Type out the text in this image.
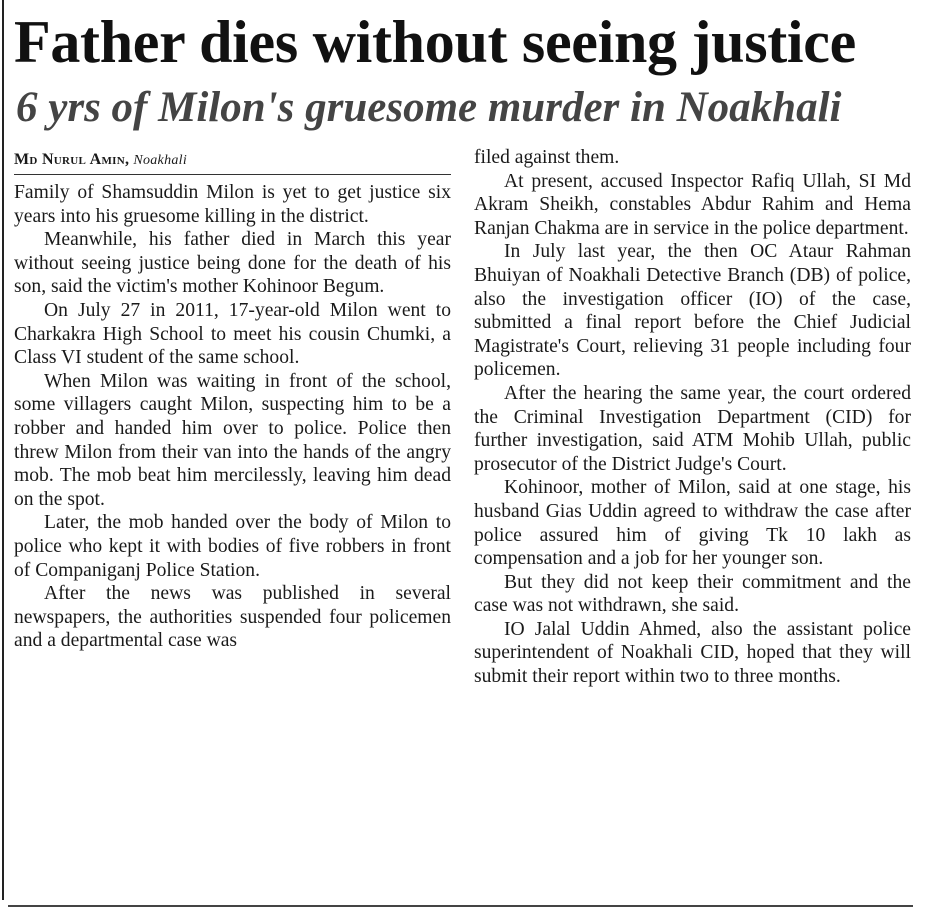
Father dies without seeing justice
6 yrs of Milon's gruesome murder in Noakhali
Md Nurul Amin, Noakhali

Family of Shamsuddin Milon is yet to get justice six years into his gruesome killing in the district.

Meanwhile, his father died in March this year without seeing justice being done for the death of his son, said the victim's mother Kohinoor Begum.

On July 27 in 2011, 17-year-old Milon went to Charkakra High School to meet his cousin Chumki, a Class VI student of the same school.

When Milon was waiting in front of the school, some villagers caught Milon, suspecting him to be a robber and handed him over to police. Police then threw Milon from their van into the hands of the angry mob. The mob beat him mercilessly, leaving him dead on the spot.

Later, the mob handed over the body of Milon to police who kept it with bodies of five robbers in front of Companiganj Police Station.

After the news was published in several newspapers, the authorities suspended four policemen and a departmental case was

filed against them.

At present, accused Inspector Rafiq Ullah, SI Md Akram Sheikh, constables Abdur Rahim and Hema Ranjan Chakma are in service in the police department.

In July last year, the then OC Ataur Rahman Bhuiyan of Noakhali Detective Branch (DB) of police, also the investigation officer (IO) of the case, submitted a final report before the Chief Judicial Magistrate's Court, relieving 31 people including four policemen.

After the hearing the same year, the court ordered the Criminal Investigation Department (CID) for further investigation, said ATM Mohib Ullah, public prosecutor of the District Judge's Court.

Kohinoor, mother of Milon, said at one stage, his husband Gias Uddin agreed to withdraw the case after police assured him of giving Tk 10 lakh as compensation and a job for her younger son.

But they did not keep their commitment and the case was not withdrawn, she said.

IO Jalal Uddin Ahmed, also the assistant police superintendent of Noakhali CID, hoped that they will submit their report within two to three months.
